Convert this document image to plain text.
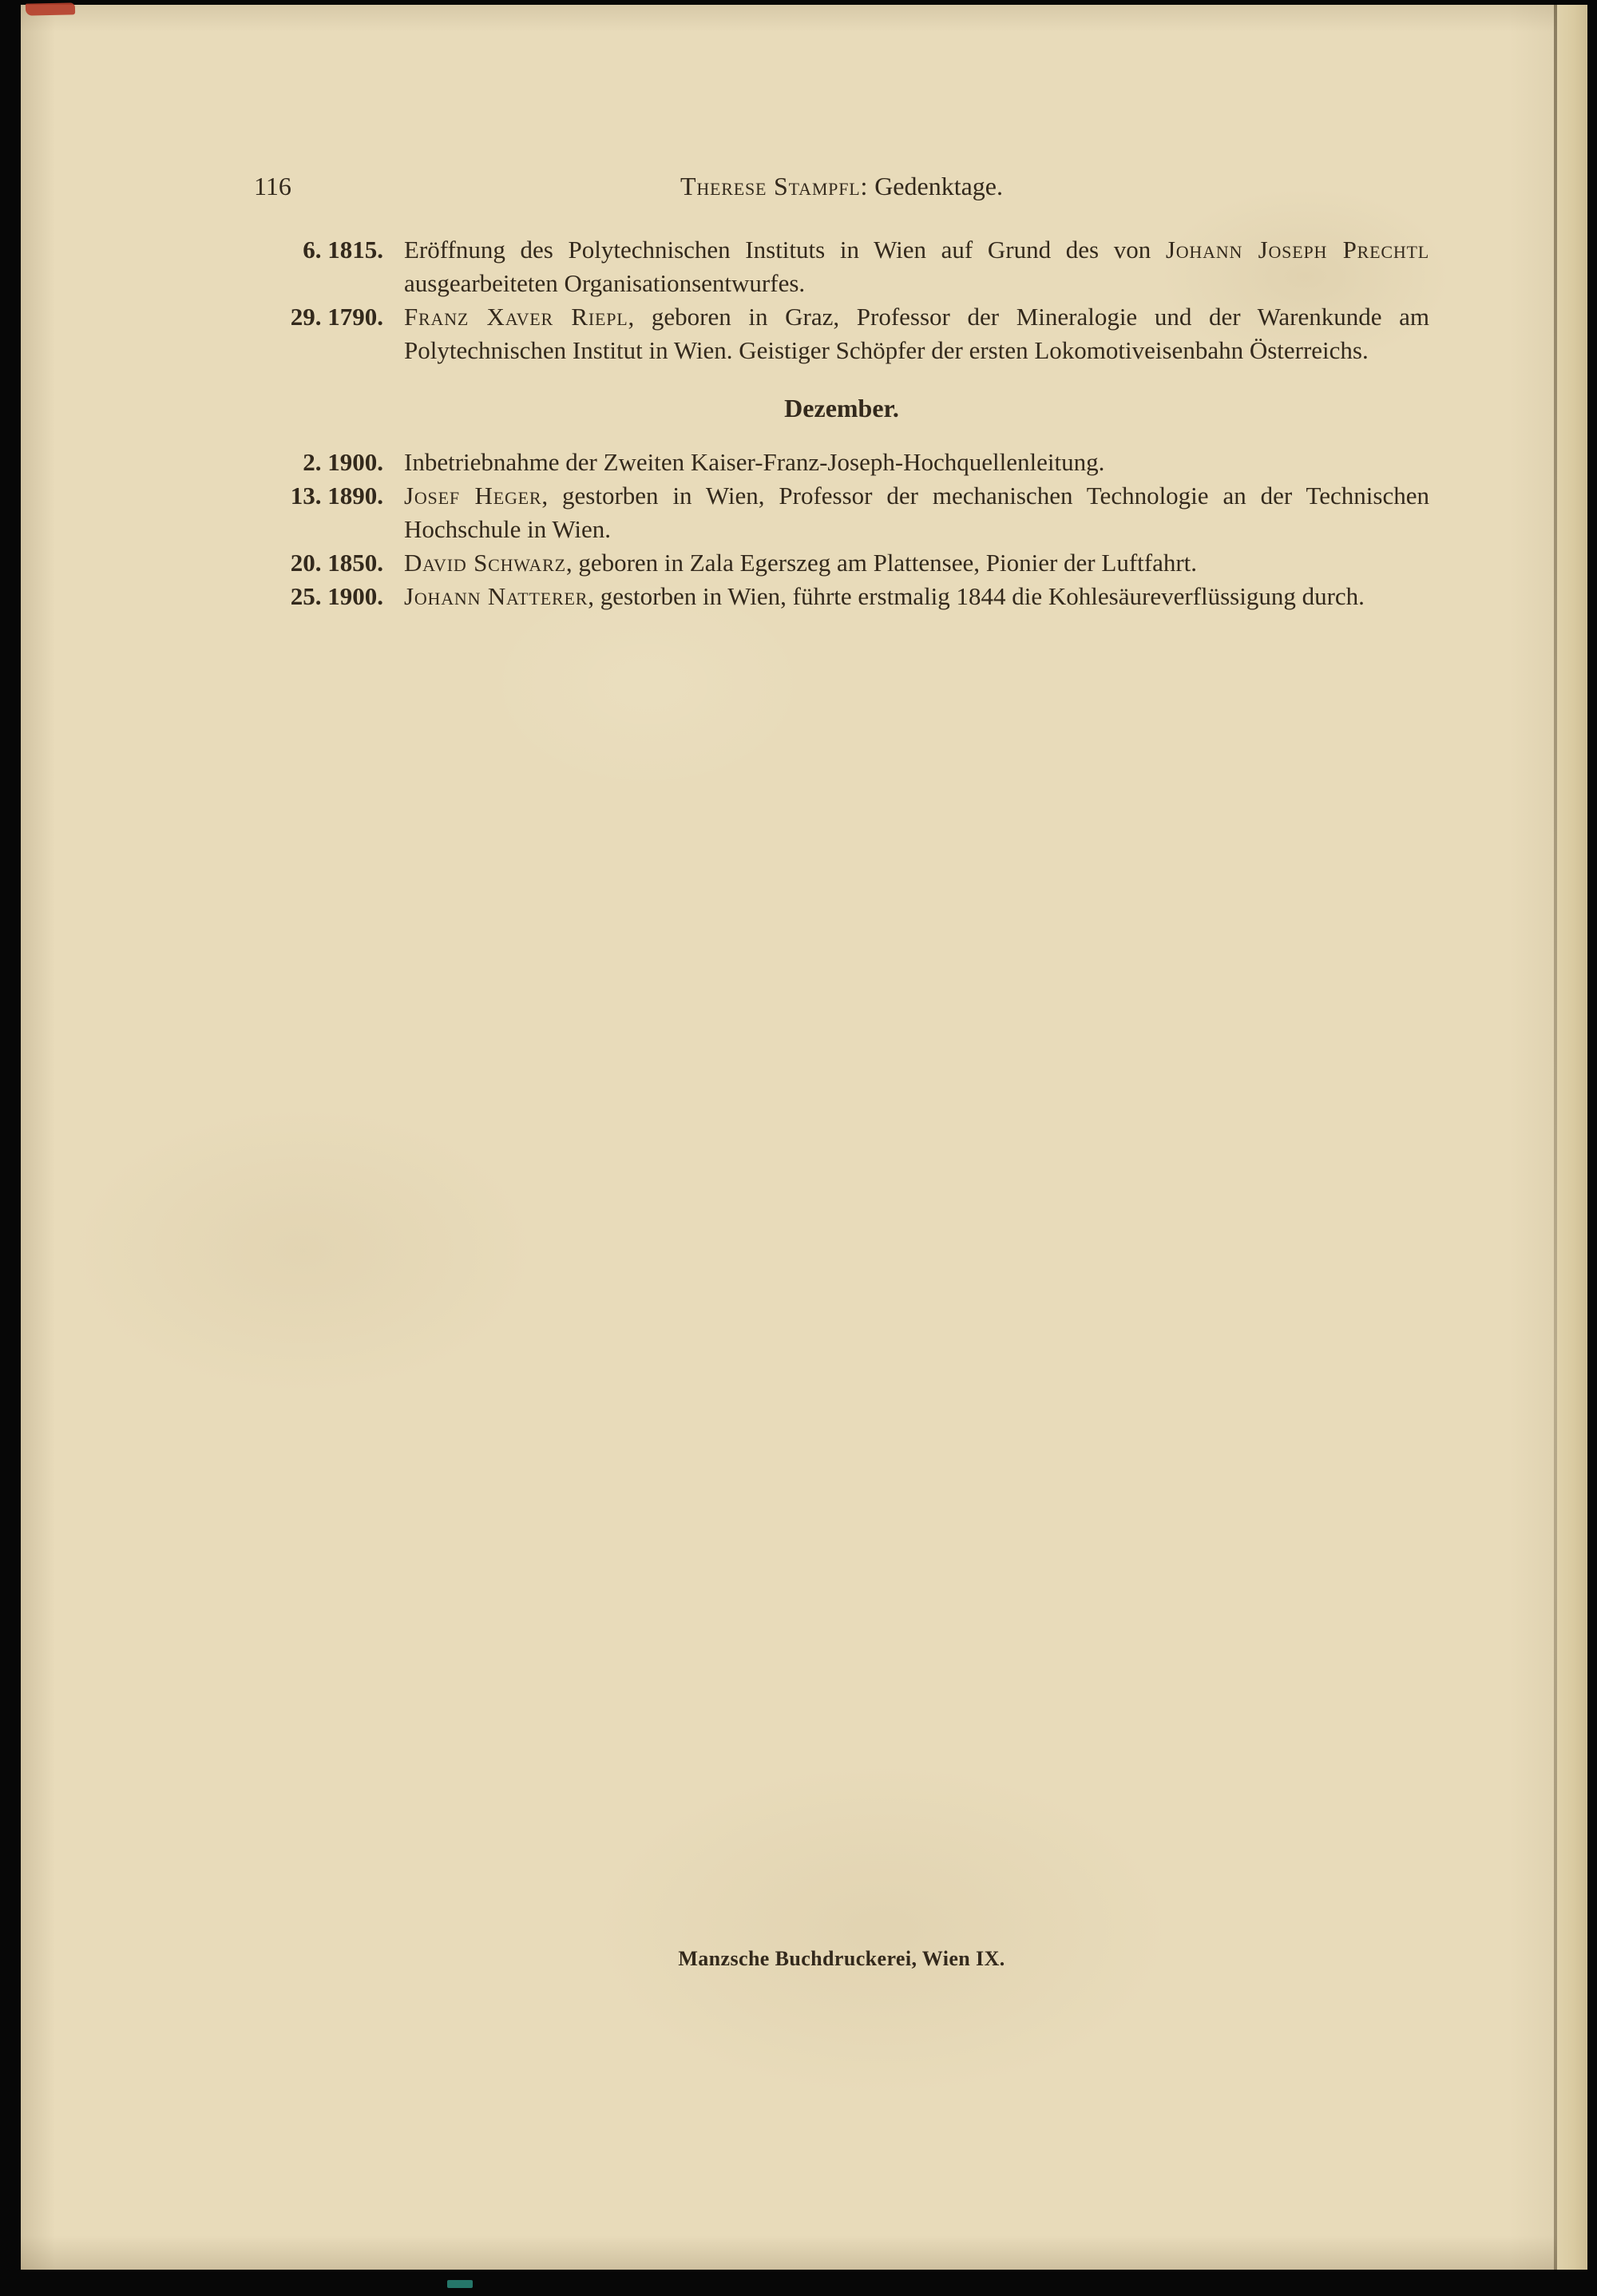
116	Therese Stampfl: Gedenktage.
6. 1815. Eröffnung des Polytechnischen Instituts in Wien auf Grund des von Johann Joseph Prechtl ausgearbeiteten Organisationsentwurfes.
29. 1790. Franz Xaver Riepl, geboren in Graz, Professor der Mineralogie und der Warenkunde am Polytechnischen Institut in Wien. Geistiger Schöpfer der ersten Lokomotiveisenbahn Österreichs.
Dezember.
2. 1900. Inbetriebnahme der Zweiten Kaiser-Franz-Joseph-Hochquellenleitung.
13. 1890. Josef Heger, gestorben in Wien, Professor der mechanischen Technologie an der Technischen Hochschule in Wien.
20. 1850. David Schwarz, geboren in Zala Egerszeg am Plattensee, Pionier der Luftfahrt.
25. 1900. Johann Natterer, gestorben in Wien, führte erstmalig 1844 die Kohlesäureverflüssigung durch.
Manzsche Buchdruckerei, Wien IX.
